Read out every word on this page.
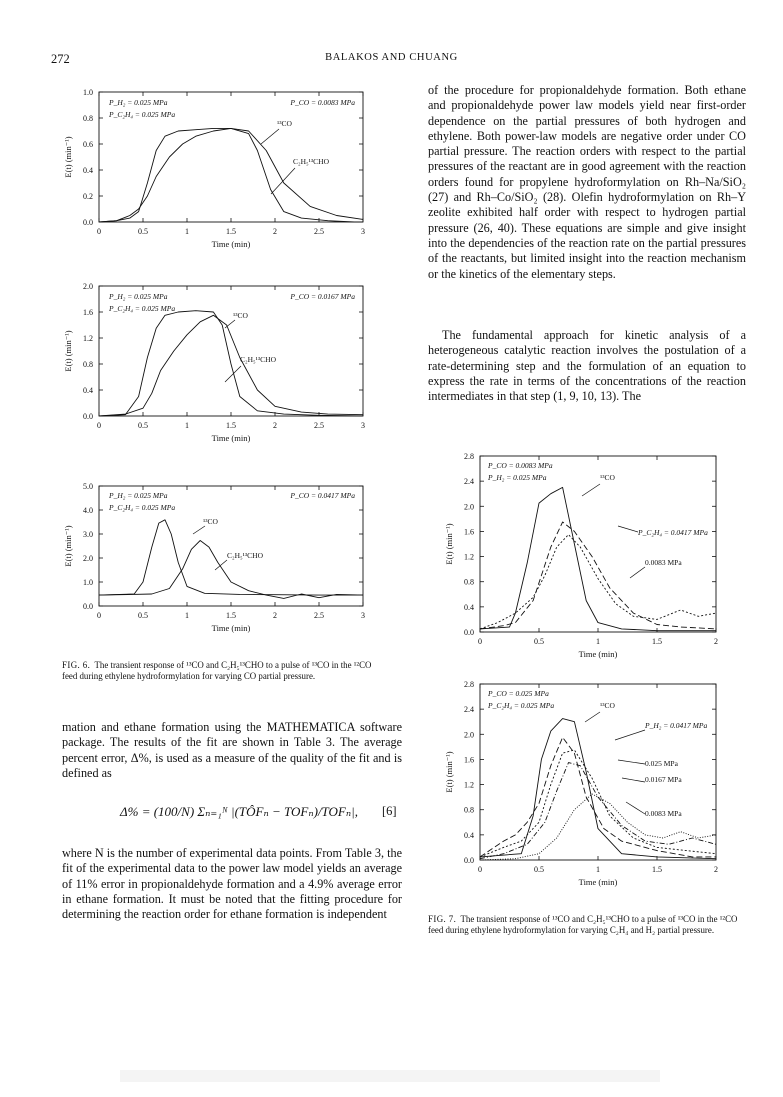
272	BALAKOS AND CHUANG
0	0.5	1	1.5	2	2.5	3
0.0
0.2
0.4
0.6
0.8
1.0
Time (min)
E(t) (min⁻¹)
P_H₂ = 0.025 MPa
P_C₂H₄ = 0.025 MPa
P_CO = 0.0083 MPa
¹³CO
C₂H₅¹³CHO
0	0.5	1	1.5	2	2.5	3
0.0
0.4
0.8
1.2
1.6
2.0
Time (min)
E(t) (min⁻¹)
P_H₂ = 0.025 MPa
P_C₂H₄ = 0.025 MPa
P_CO = 0.0167 MPa
¹³CO
C₂H₅¹³CHO
0	0.5	1	1.5	2	2.5	3
0.0
1.0
2.0
3.0
4.0
5.0
Time (min)
E(t) (min⁻¹)
P_H₂ = 0.025 MPa
P_C₂H₄ = 0.025 MPa
P_CO = 0.0417 MPa
¹³CO
C₂H₅¹³CHO

FIG. 6. The transient response of ¹³CO and C₂H₅¹³CHO to a pulse of ¹³CO in the ¹²CO feed during ethylene hydroformylation for varying CO partial pressure.

mation and ethane formation using the MATHEMATICA software package. The results of the fit are shown in Table 3. The average percent error, Δ%, is used as a measure of the quality of the fit and is defined as

Δ% = (100/N) Σₙ₌₁ᴺ |(TÔFₙ − TOFₙ)/TOFₙ|, [6]

where N is the number of experimental data points. From Table 3, the fit of the experimental data to the power law model yields an average of 11% error in propionaldehyde formation and a 4.9% average error in ethane formation. It must be noted that the fitting procedure for determining the reaction order for ethane formation is independent

of the procedure for propionaldehyde formation. Both ethane and propionaldehyde power law models yield near first-order dependence on the partial pressures of both hydrogen and ethylene. Both power-law models are negative order under CO partial pressure. The reaction orders with respect to the partial pressures of the reactant are in good agreement with the reaction orders found for propylene hydroformylation on Rh–Na/SiO₂ (27) and Rh–Co/SiO₂ (28). Olefin hydroformylation on Rh–Y zeolite exhibited half order with respect to hydrogen partial pressure (26, 40). These equations are simple and give insight into the dependencies of the reaction rate on the partial pressures of the reactants, but limited insight into the reaction mechanism or the kinetics of the elementary steps.

The fundamental approach for kinetic analysis of a heterogeneous catalytic reaction involves the postulation of a rate-determining step and the formulation of an equation to express the rate in terms of the concentrations of the reaction intermediates in that step (1, 9, 10, 13). The

0	0.5	1	1.5	2
0.0
0.4
0.8
1.2
1.6
2.0
2.4
2.8
Time (min)
E(t) (min⁻¹)
P_CO = 0.0083 MPa
P_H₂ = 0.025 MPa	¹³CO
P_C₂H₄ = 0.0417 MPa
0.0083 MPa
0	0.5	1	1.5	2
0.0
0.4
0.8
1.2
1.6
2.0
2.4
2.8
Time (min)
E(t) (min⁻¹)
P_CO = 0.025 MPa
P_C₂H₄ = 0.025 MPa	¹³CO
P_H₂ = 0.0417 MPa
0.025 MPa
0.0167 MPa
0.0083 MPa

FIG. 7. The transient response of ¹³CO and C₂H₅¹³CHO to a pulse of ¹³CO in the ¹²CO feed during ethylene hydroformylation for varying C₂H₄ and H₂ partial pressure.
